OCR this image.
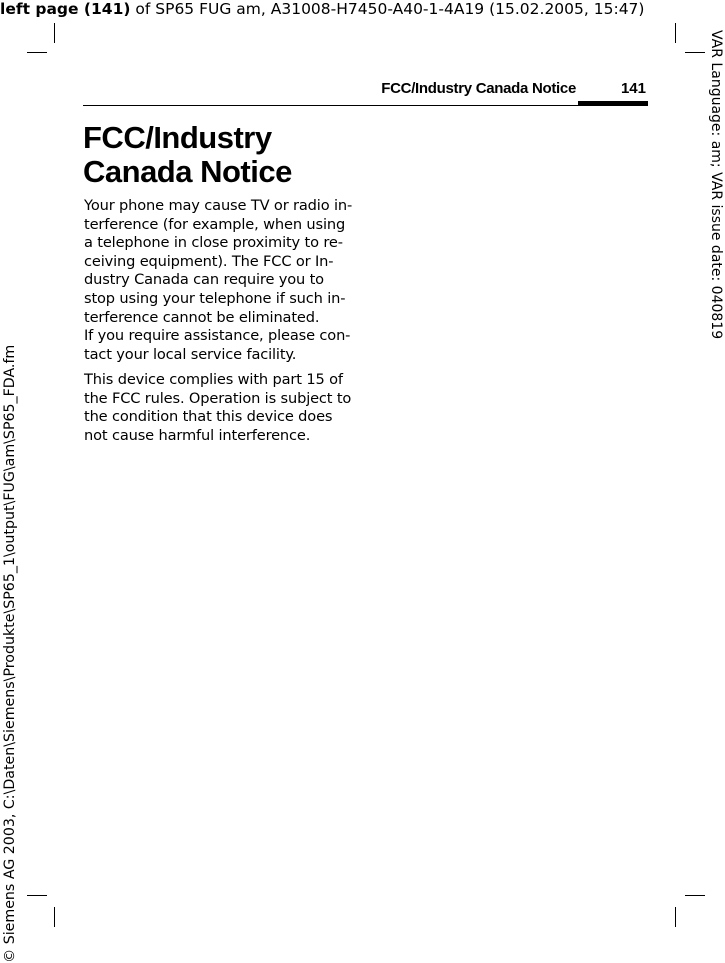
left page (141) of SP65 FUG am, A31008-H7450-A40-1-4A19 (15.02.2005, 15:47)
FCC/Industry Canada Notice	141
FCC/Industry
Canada Notice
Your phone may cause TV or radio in-
terference (for example, when using
a telephone in close proximity to re-
ceiving equipment). The FCC or In-
dustry Canada can require you to
stop using your telephone if such in-
terference cannot be eliminated.
If you require assistance, please con-
tact your local service facility.
This device complies with part 15 of
the FCC rules. Operation is subject to
the condition that this device does
not cause harmful interference.
VAR Language: am; VAR issue date: 040819
© Siemens AG 2003, C:\Daten\Siemens\Produkte\SP65_1\output\FUG\am\SP65_FDA.fm
